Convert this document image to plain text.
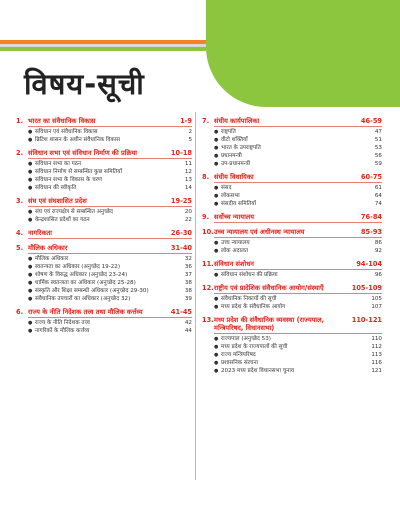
विषय-सूची
1. भारत का संवैधानिक विकास	1-9
● संविधान एवं संवैधानिक विकास	2
● ब्रिटिश शासन के अधीन संवैधानिक विकास	5
2. संविधान सभा एवं संविधान निर्माण की प्रक्रिया	10-18
● संविधान सभा का गठन	11
● संविधान निर्माण से सम्बन्धित कुछ समितियाँ	12
● संविधान सभा के विकास के चरण	13
● संविधान की स्वीकृति	14
3. संघ एवं संघशासित प्रदेश	19-25
● संघ एवं राज्यक्षेत्र से सम्बन्धित अनुच्छेद	20
● केन्द्रशासित प्रदेशों का गठन	22
4. नागरिकता	26-30
5. मौलिक अधिकार	31-40
● मौलिक अधिकार	32
● स्वतन्त्रता का अधिकार (अनुच्छेद 19-22)	36
● शोषण के विरुद्ध अधिकार (अनुच्छेद 23-24)	37
● धार्मिक स्वतन्त्रता का अधिकार (अनुच्छेद 25-28)	38
● संस्कृति और शिक्षा सम्बन्धी अधिकार (अनुच्छेद 29-30)	38
● संवैधानिक उपचारों का अधिकार (अनुच्छेद 32)	39
6. राज्य के नीति निदेशक तत्त्व तथा मौलिक कर्त्तव्य	41-45
● राज्य के नीति निदेशक तत्त्व	42
● नागरिकों के मौलिक कर्त्तव्य	44
7. संघीय कार्यपालिका	46-59
● राष्ट्रपति	47
● वीटो शक्तियाँ	51
● भारत के उपराष्ट्रपति	53
● प्रधानमन्त्री	56
● उप-प्रधानमन्त्री	59
8. संघीय विधायिका	60-75
● संसद	61
● लोकसभा	64
● संसदीय समितियाँ	74
9. सर्वोच्च न्यायालय	76-84
10. उच्च न्यायालय एवं अधीनस्थ न्यायालय	85-93
● उच्च न्यायालय	86
● लोक अदालत	92
11. संविधान संशोधन	94-104
● संविधान संशोधन की प्रक्रिया	96
12. राष्ट्रीय एवं प्रादेशिक संवैधानिक आयोग/संस्थाएँ	105-109
● संवैधानिक निकायों की सूची	105
● मध्य प्रदेश के संवैधानिक आयोग	107
13. मध्य प्रदेश की संवैधानिक व्यवस्था (राज्यपाल, मन्त्रिपरिषद, विधानसभा)
110-121
● राज्यपाल (अनुच्छेद 53)	110
● मध्य प्रदेश के राज्यपालों की सूची	112
● राज्य मन्त्रिपरिषद	113
● प्रशासनिक संरचना	116
● 2023 मध्य प्रदेश विधानसभा चुनाव	121
